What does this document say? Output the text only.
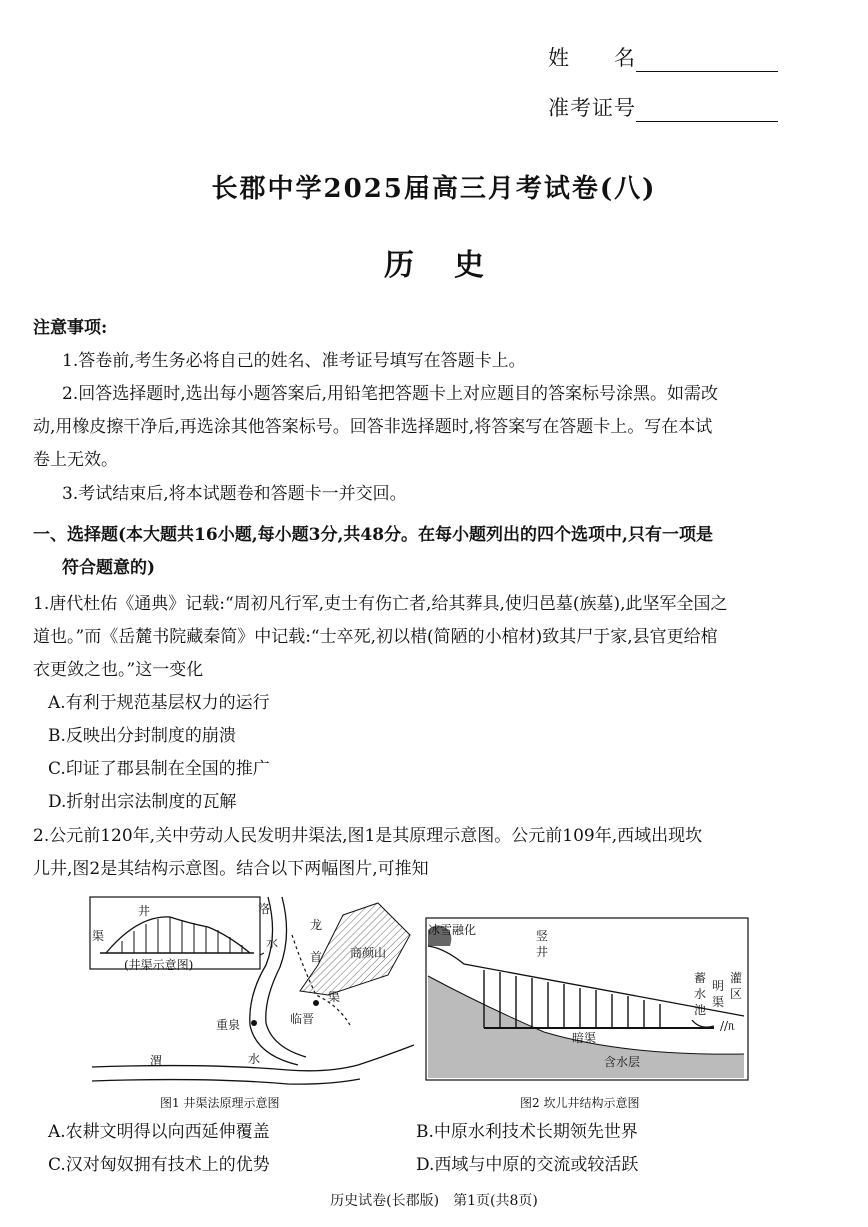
姓　　名
准考证号
长郡中学2025届高三月考试卷(八)
历史
注意事项:
1.答卷前,考生务必将自己的姓名、准考证号填写在答题卡上。
2.回答选择题时,选出每小题答案后,用铅笔把答题卡上对应题目的答案标号涂黑。如需改
动,用橡皮擦干净后,再选涂其他答案标号。回答非选择题时,将答案写在答题卡上。写在本试
卷上无效。
3.考试结束后,将本试题卷和答题卡一并交回。
一、选择题(本大题共16小题,每小题3分,共48分。在每小题列出的四个选项中,只有一项是
符合题意的)
1.唐代杜佑《通典》记载:“周初凡行军,吏士有伤亡者,给其葬具,使归邑墓(族墓),此坚军全国之
道也。”而《岳麓书院藏秦简》中记载:“士卒死,初以棤(简陋的小棺材)致其尸于家,县官更给棺
衣更敛之也。”这一变化
A.有利于规范基层权力的运行
B.反映出分封制度的崩溃
C.印证了郡县制在全国的推广
D.折射出宗法制度的瓦解
2.公元前120年,关中劳动人民发明井渠法,图1是其原理示意图。公元前109年,西域出现坎
儿井,图2是其结构示意图。结合以下两幅图片,可推知
井
渠
(井渠示意图)
洛
水
龙
首 商颜山
渠
临晋
重泉
渭	水
图1 井渠法原理示意图
//ᥰ
冰雪融化	竖
井
蓄
水
池
明
渠
灌
区
暗渠
含水层
图2 坎儿井结构示意图
A.农耕文明得以向西延伸覆盖	B.中原水利技术长期领先世界
C.汉对匈奴拥有技术上的优势	D.西域与中原的交流或较活跃
历史试卷(长郡版)　第1页(共8页)
